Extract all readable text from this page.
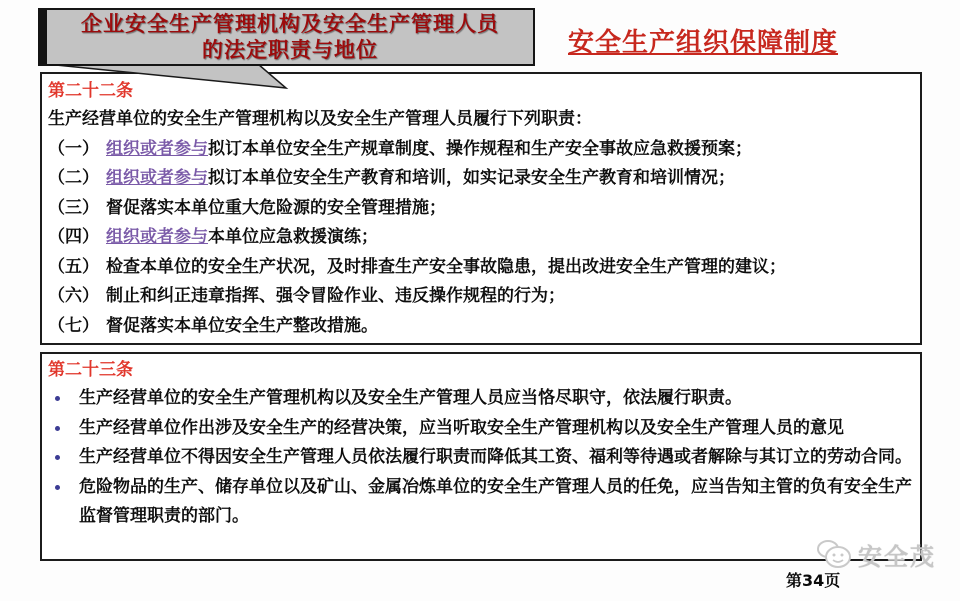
企业安全生产管理机构及安全生产管理人员
的法定职责与地位	安全生产组织保障制度
第二十二条
生产经营单位的安全生产管理机构以及安全生产管理人员履行下列职责：
（一） 组织或者参与拟订本单位安全生产规章制度、操作规程和生产安全事故应急救援预案；
（二） 组织或者参与拟订本单位安全生产教育和培训，如实记录安全生产教育和培训情况；
（三） 督促落实本单位重大危险源的安全管理措施；
（四） 组织或者参与本单位应急救援演练；
（五） 检查本单位的安全生产状况，及时排查生产安全事故隐患，提出改进安全生产管理的建议；
（六） 制止和纠正违章指挥、强令冒险作业、违反操作规程的行为；
（七） 督促落实本单位安全生产整改措施。
第二十三条
生产经营单位的安全生产管理机构以及安全生产管理人员应当恪尽职守，依法履行职责。
生产经营单位作出涉及安全生产的经营决策，应当听取安全生产管理机构以及安全生产管理人员的意见
生产经营单位不得因安全生产管理人员依法履行职责而降低其工资、福利等待遇或者解除与其订立的劳动合同。
危险物品的生产、储存单位以及矿山、金属冶炼单位的安全生产管理人员的任免，应当告知主管的负有安全生产监督管理职责的部门。
安全茂
第34页
